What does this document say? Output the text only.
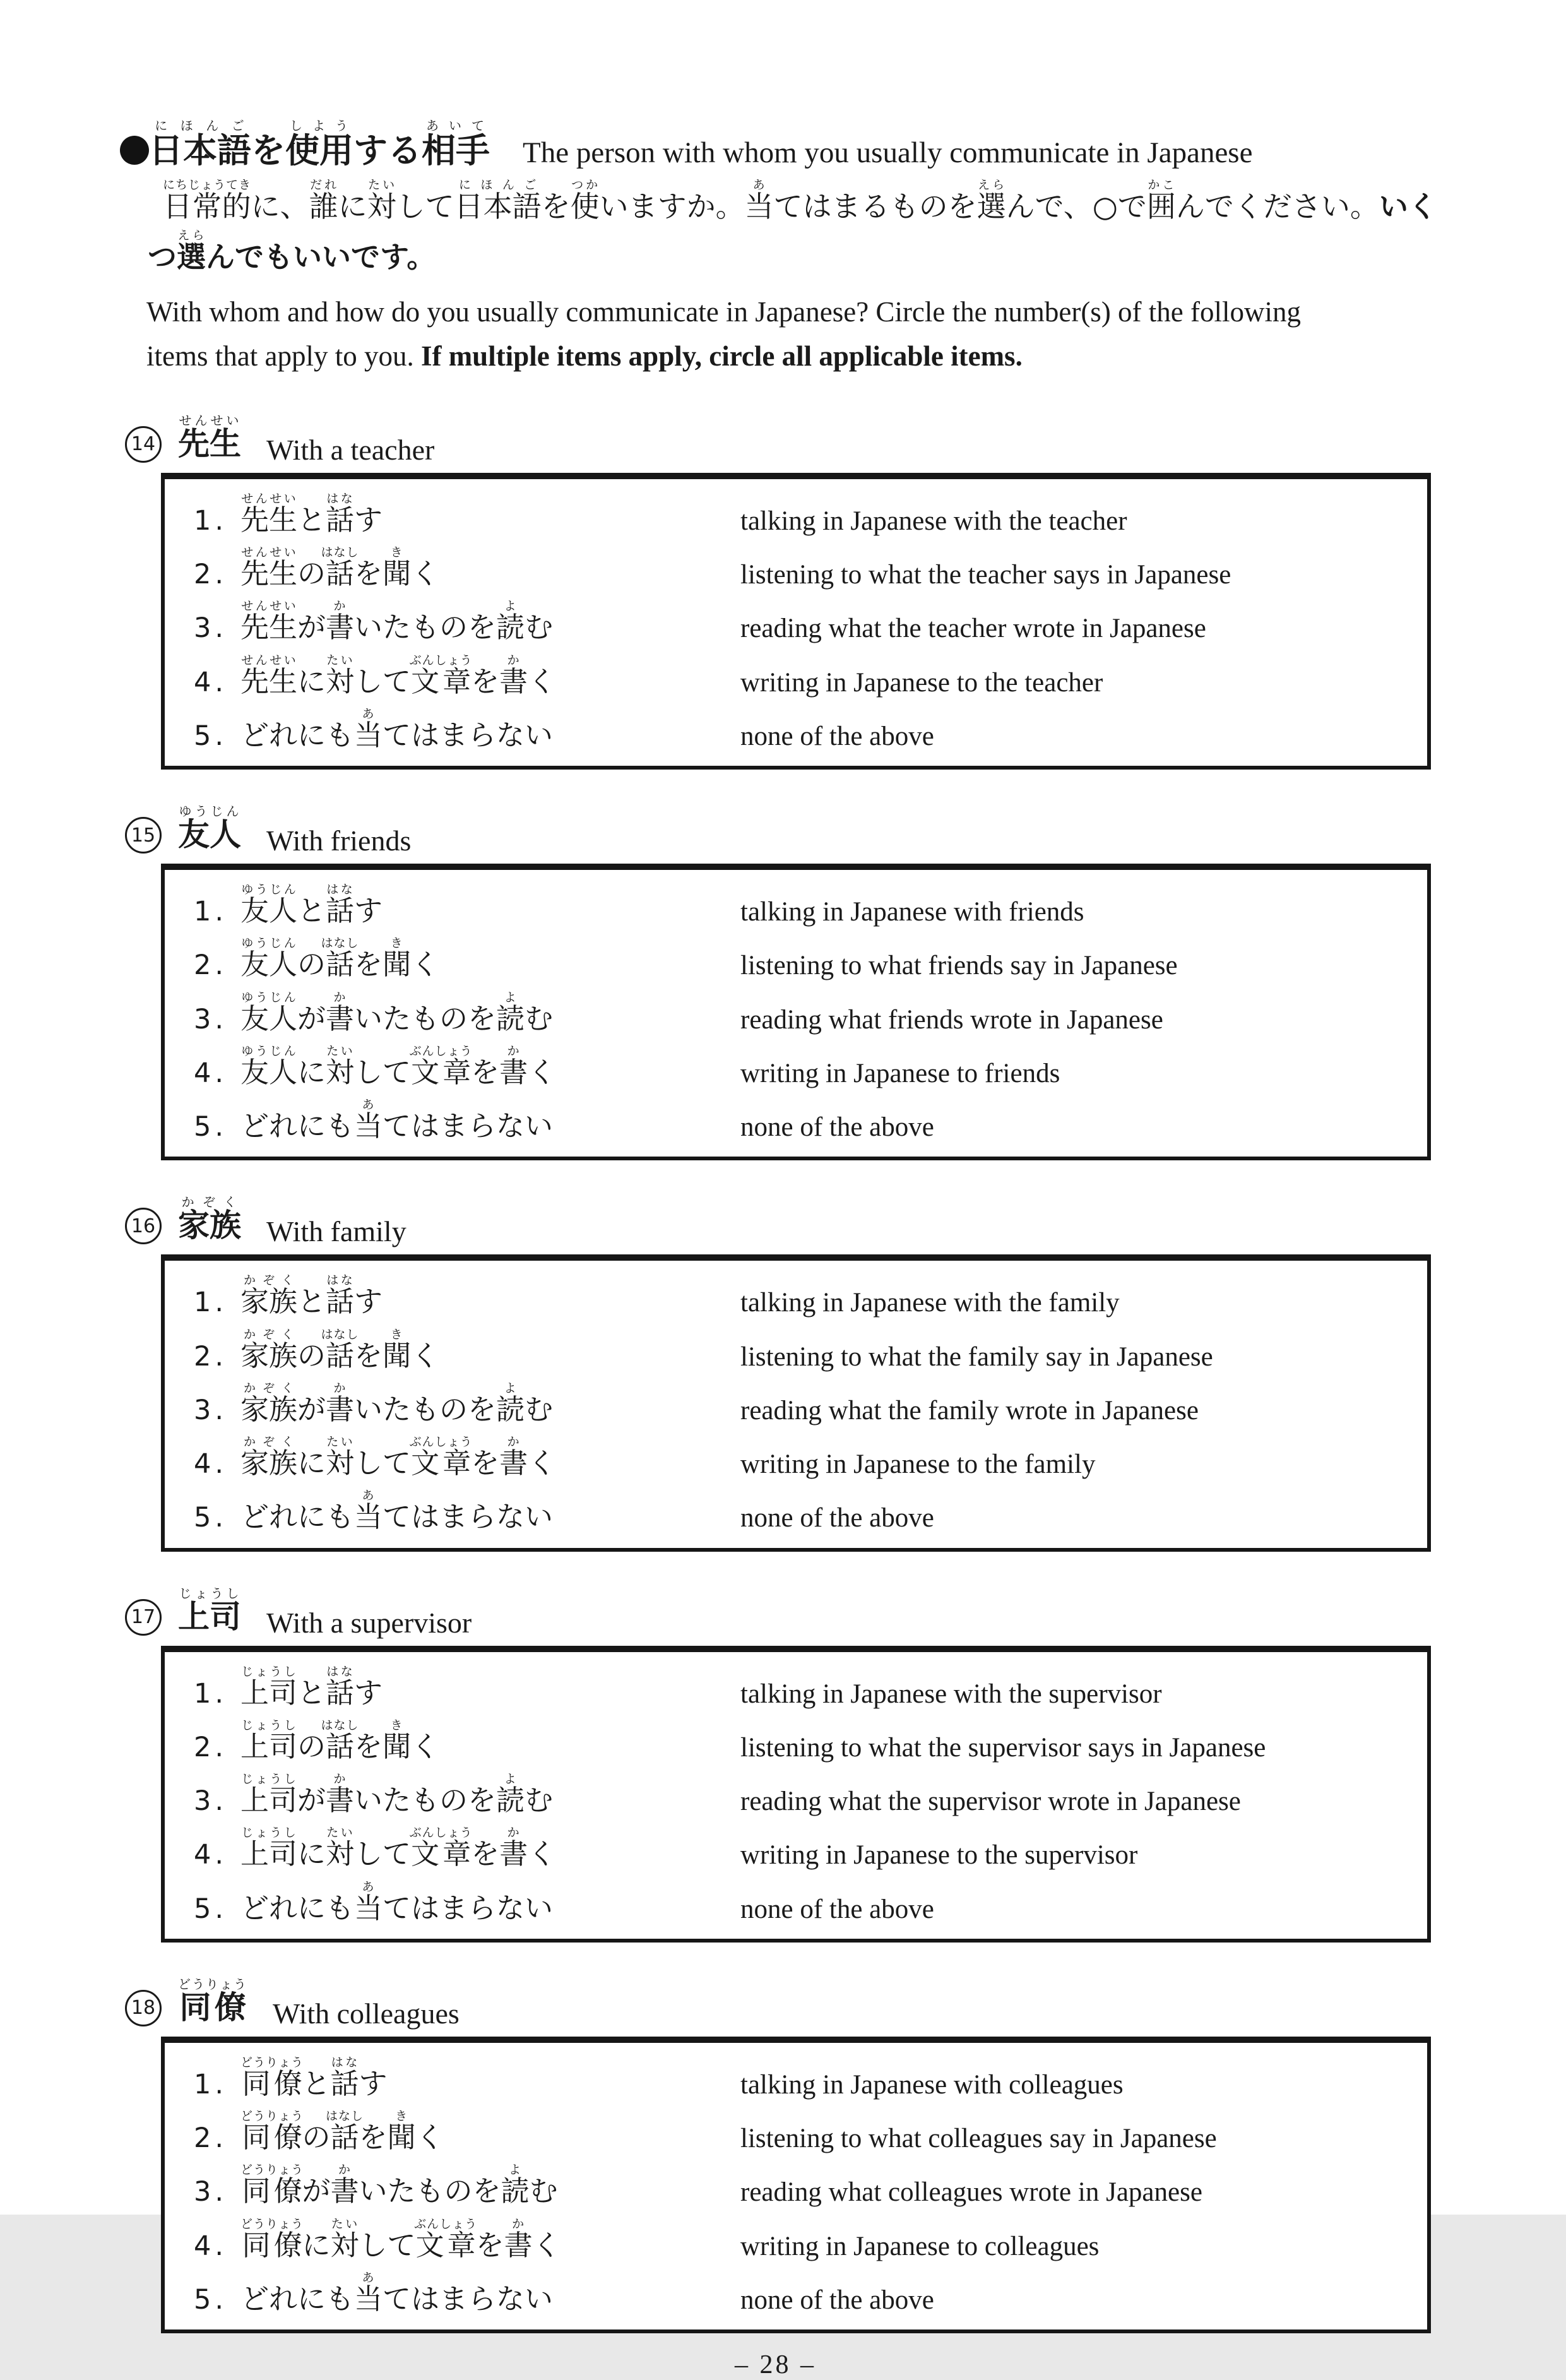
日本語にほんごを使用しようする相手あいて
The person with whom you usually communicate in Japanese
日常的にちじょうてきに、誰だれに対たいして日本語にほんごを使つかいますか。当あてはまるものを選えらんで、○で囲かこんでください。いく
つ選えらんでもいいです。
With whom and how do you usually communicate in Japanese? Circle the number(s) of the following
items that apply to you. If multiple items apply, circle all applicable items.
14 先生せんせい
With a teacher
1. 先生せんせいと話はなす	talking in Japanese with the teacher
2. 先生せんせいの話はなしを聞きく	listening to what the teacher says in Japanese
3. 先生せんせいが書かいたものを読よむ	reading what the teacher wrote in Japanese
4. 先生せんせいに対たいして文章ぶんしょうを書かく	writing in Japanese to the teacher
5. どれにも当あてはまらない	none of the above
15 友人ゆうじん
With friends
1. 友人ゆうじんと話はなす	talking in Japanese with friends
2. 友人ゆうじんの話はなしを聞きく	listening to what friends say in Japanese
3. 友人ゆうじんが書かいたものを読よむ	reading what friends wrote in Japanese
4. 友人ゆうじんに対たいして文章ぶんしょうを書かく	writing in Japanese to friends
5. どれにも当あてはまらない	none of the above
16 家族かぞく
With family
1. 家族かぞくと話はなす	talking in Japanese with the family
2. 家族かぞくの話はなしを聞きく	listening to what the family say in Japanese
3. 家族かぞくが書かいたものを読よむ	reading what the family wrote in Japanese
4. 家族かぞくに対たいして文章ぶんしょうを書かく	writing in Japanese to the family
5. どれにも当あてはまらない	none of the above
17 上司じょうし
With a supervisor
1. 上司じょうしと話はなす	talking in Japanese with the supervisor
2. 上司じょうしの話はなしを聞きく	listening to what the supervisor says in Japanese
3. 上司じょうしが書かいたものを読よむ	reading what the supervisor wrote in Japanese
4. 上司じょうしに対たいして文章ぶんしょうを書かく	writing in Japanese to the supervisor
5. どれにも当あてはまらない	none of the above
18 同僚どうりょう
With colleagues
1. 同僚どうりょうと話はなす	talking in Japanese with colleagues
2. 同僚どうりょうの話はなしを聞きく	listening to what colleagues say in Japanese
3. 同僚どうりょうが書かいたものを読よむ	reading what colleagues wrote in Japanese
4. 同僚どうりょうに対たいして文章ぶんしょうを書かく	writing in Japanese to colleagues
5. どれにも当あてはまらない	none of the above
– 28 –
